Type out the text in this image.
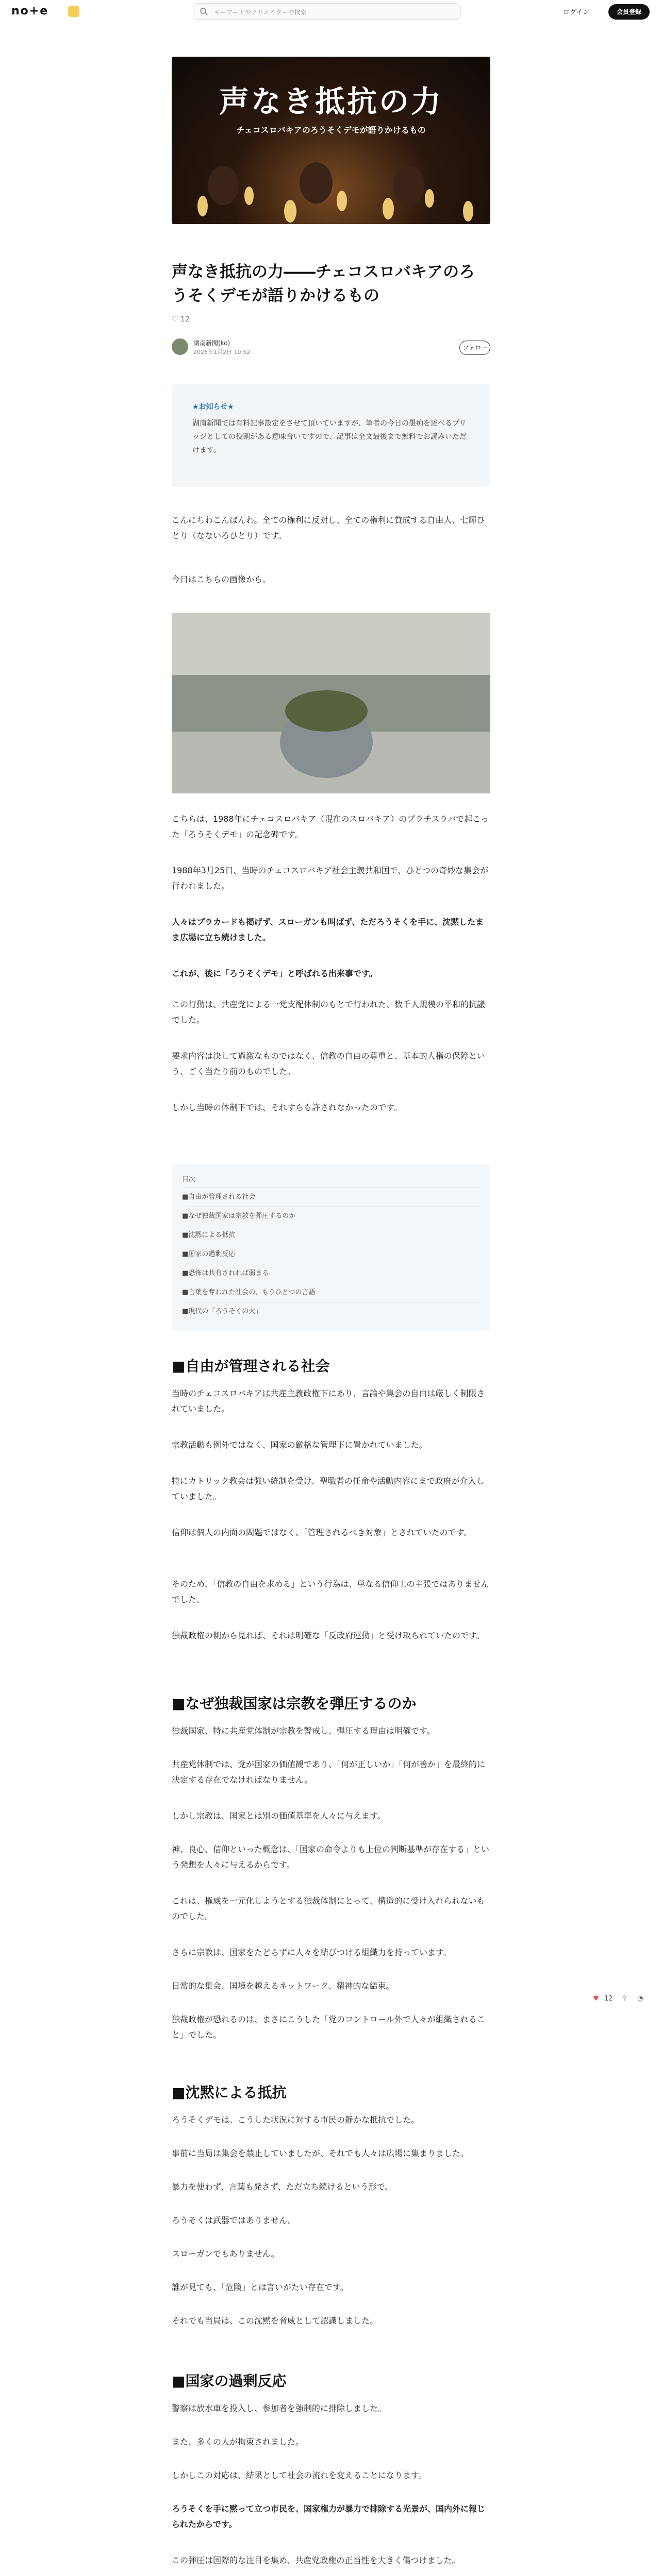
no+e	キーワードやクリエイターで検索	ログイン	会員登録
声なき抵抗の力
チェコスロバキアのろうそくデモが語りかけるもの
声なき抵抗の力――チェコスロバキアのろうそくデモが語りかけるもの
♡ 12
湖南新聞(ko)
2026年1月2日 10:52
フォロー
★お知らせ★
湖南新聞では有料記事設定をさせて頂いていますが、筆者の今日の愚痴を述べるブリッジとしての役割がある意味合いですので、記事は全文最後まで無料でお読みいただけます。

こんにちわこんばんわ。全ての権利に反対し、全ての権利に賛成する自由人、七輝ひとり（なないろひとり）です。

今日はこちらの画像から。

こちらは、1988年にチェコスロバキア（現在のスロバキア）のブラチスラバで起こった「ろうそくデモ」の記念碑です。

1988年3月25日、当時のチェコスロバキア社会主義共和国で、ひとつの奇妙な集会が行われました。

人々はプラカードも掲げず、スローガンも叫ばず、ただろうそくを手に、沈黙したまま広場に立ち続けました。

これが、後に「ろうそくデモ」と呼ばれる出来事です。

この行動は、共産党による一党支配体制のもとで行われた、数千人規模の平和的抗議でした。

要求内容は決して過激なものではなく、信教の自由の尊重と、基本的人権の保障という、ごく当たり前のものでした。

しかし当時の体制下では、それすらも許されなかったのです。

目次
■自由が管理される社会
■なぜ独裁国家は宗教を弾圧するのか
■沈黙による抵抗
■国家の過剰反応
■恐怖は共有されれば弱まる
■言葉を奪われた社会の、もうひとつの言語
■現代の「ろうそくの火」
■自由が管理される社会

当時のチェコスロバキアは共産主義政権下にあり、言論や集会の自由は厳しく制限されていました。

宗教活動も例外ではなく、国家の厳格な管理下に置かれていました。

特にカトリック教会は強い統制を受け、聖職者の任命や活動内容にまで政府が介入していました。

信仰は個人の内面の問題ではなく、「管理されるべき対象」とされていたのです。

そのため、「信教の自由を求める」という行為は、単なる信仰上の主張ではありませんでした。

独裁政権の側から見れば、それは明確な「反政府運動」と受け取られていたのです。

■なぜ独裁国家は宗教を弾圧するのか

独裁国家、特に共産党体制が宗教を警戒し、弾圧する理由は明確です。

共産党体制では、党が国家の価値観であり、「何が正しいか」「何が善か」を最終的に決定する存在でなければなりません。

しかし宗教は、国家とは別の価値基準を人々に与えます。

神、良心、信仰といった概念は、「国家の命令よりも上位の判断基準が存在する」という発想を人々に与えるからです。

これは、権威を一元化しようとする独裁体制にとって、構造的に受け入れられないものでした。

さらに宗教は、国家をたどらずに人々を結びつける組織力を持っています。

日常的な集会、国境を越えるネットワーク、精神的な結束。

独裁政権が恐れるのは、まさにこうした「党のコントロール外で人々が組織されること」でした。

■沈黙による抵抗

ろうそくデモは、こうした状況に対する市民の静かな抵抗でした。

事前に当局は集会を禁止していましたが、それでも人々は広場に集まりました。

暴力を使わず、言葉も発さず、ただ立ち続けるという形で。

ろうそくは武器ではありません。

スローガンでもありません。

誰が見ても、「危険」とは言いがたい存在です。

それでも当局は、この沈黙を脅威として認識しました。

■国家の過剰反応

警察は放水車を投入し、参加者を強制的に排除しました。

また、多くの人が拘束されました。

しかしこの対応は、結果として社会の流れを変えることになります。

ろうそくを手に黙って立つ市民を、国家権力が暴力で排除する光景が、国内外に報じられたからです。

この弾圧は国際的な注目を集め、共産党政権の正当性を大きく傷つけました。

♥ 12 ⇪ ◔
